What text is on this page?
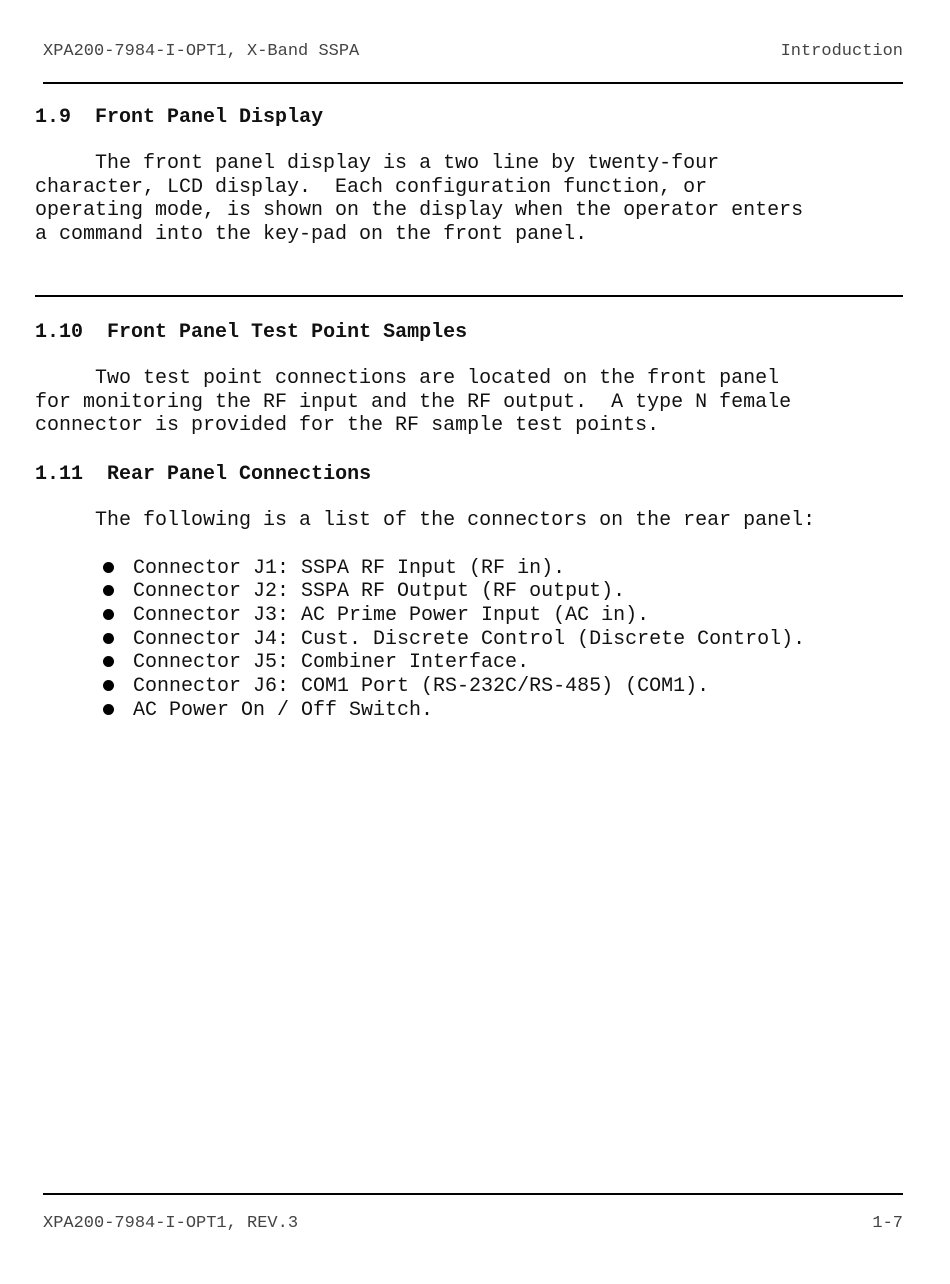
XPA200-7984-I-OPT1, X-Band SSPA	Introduction
1.9 Front Panel Display

The front panel display is a two line by twenty-four

character, LCD display.  Each configuration function, or

operating mode, is shown on the display when the operator enters

a command into the key-pad on the front panel.

1.10 Front Panel Test Point Samples

Two test point connections are located on the front panel

for monitoring the RF input and the RF output.  A type N female

connector is provided for the RF sample test points.

1.11 Rear Panel Connections

The following is a list of the connectors on the rear panel:

Connector J1: SSPA RF Input (RF in).
Connector J2: SSPA RF Output (RF output).
Connector J3: AC Prime Power Input (AC in).
Connector J4: Cust. Discrete Control (Discrete Control).
Connector J5: Combiner Interface.
Connector J6: COM1 Port (RS-232C/RS-485) (COM1).
AC Power On / Off Switch.
XPA200-7984-I-OPT1, REV.3	1-7
